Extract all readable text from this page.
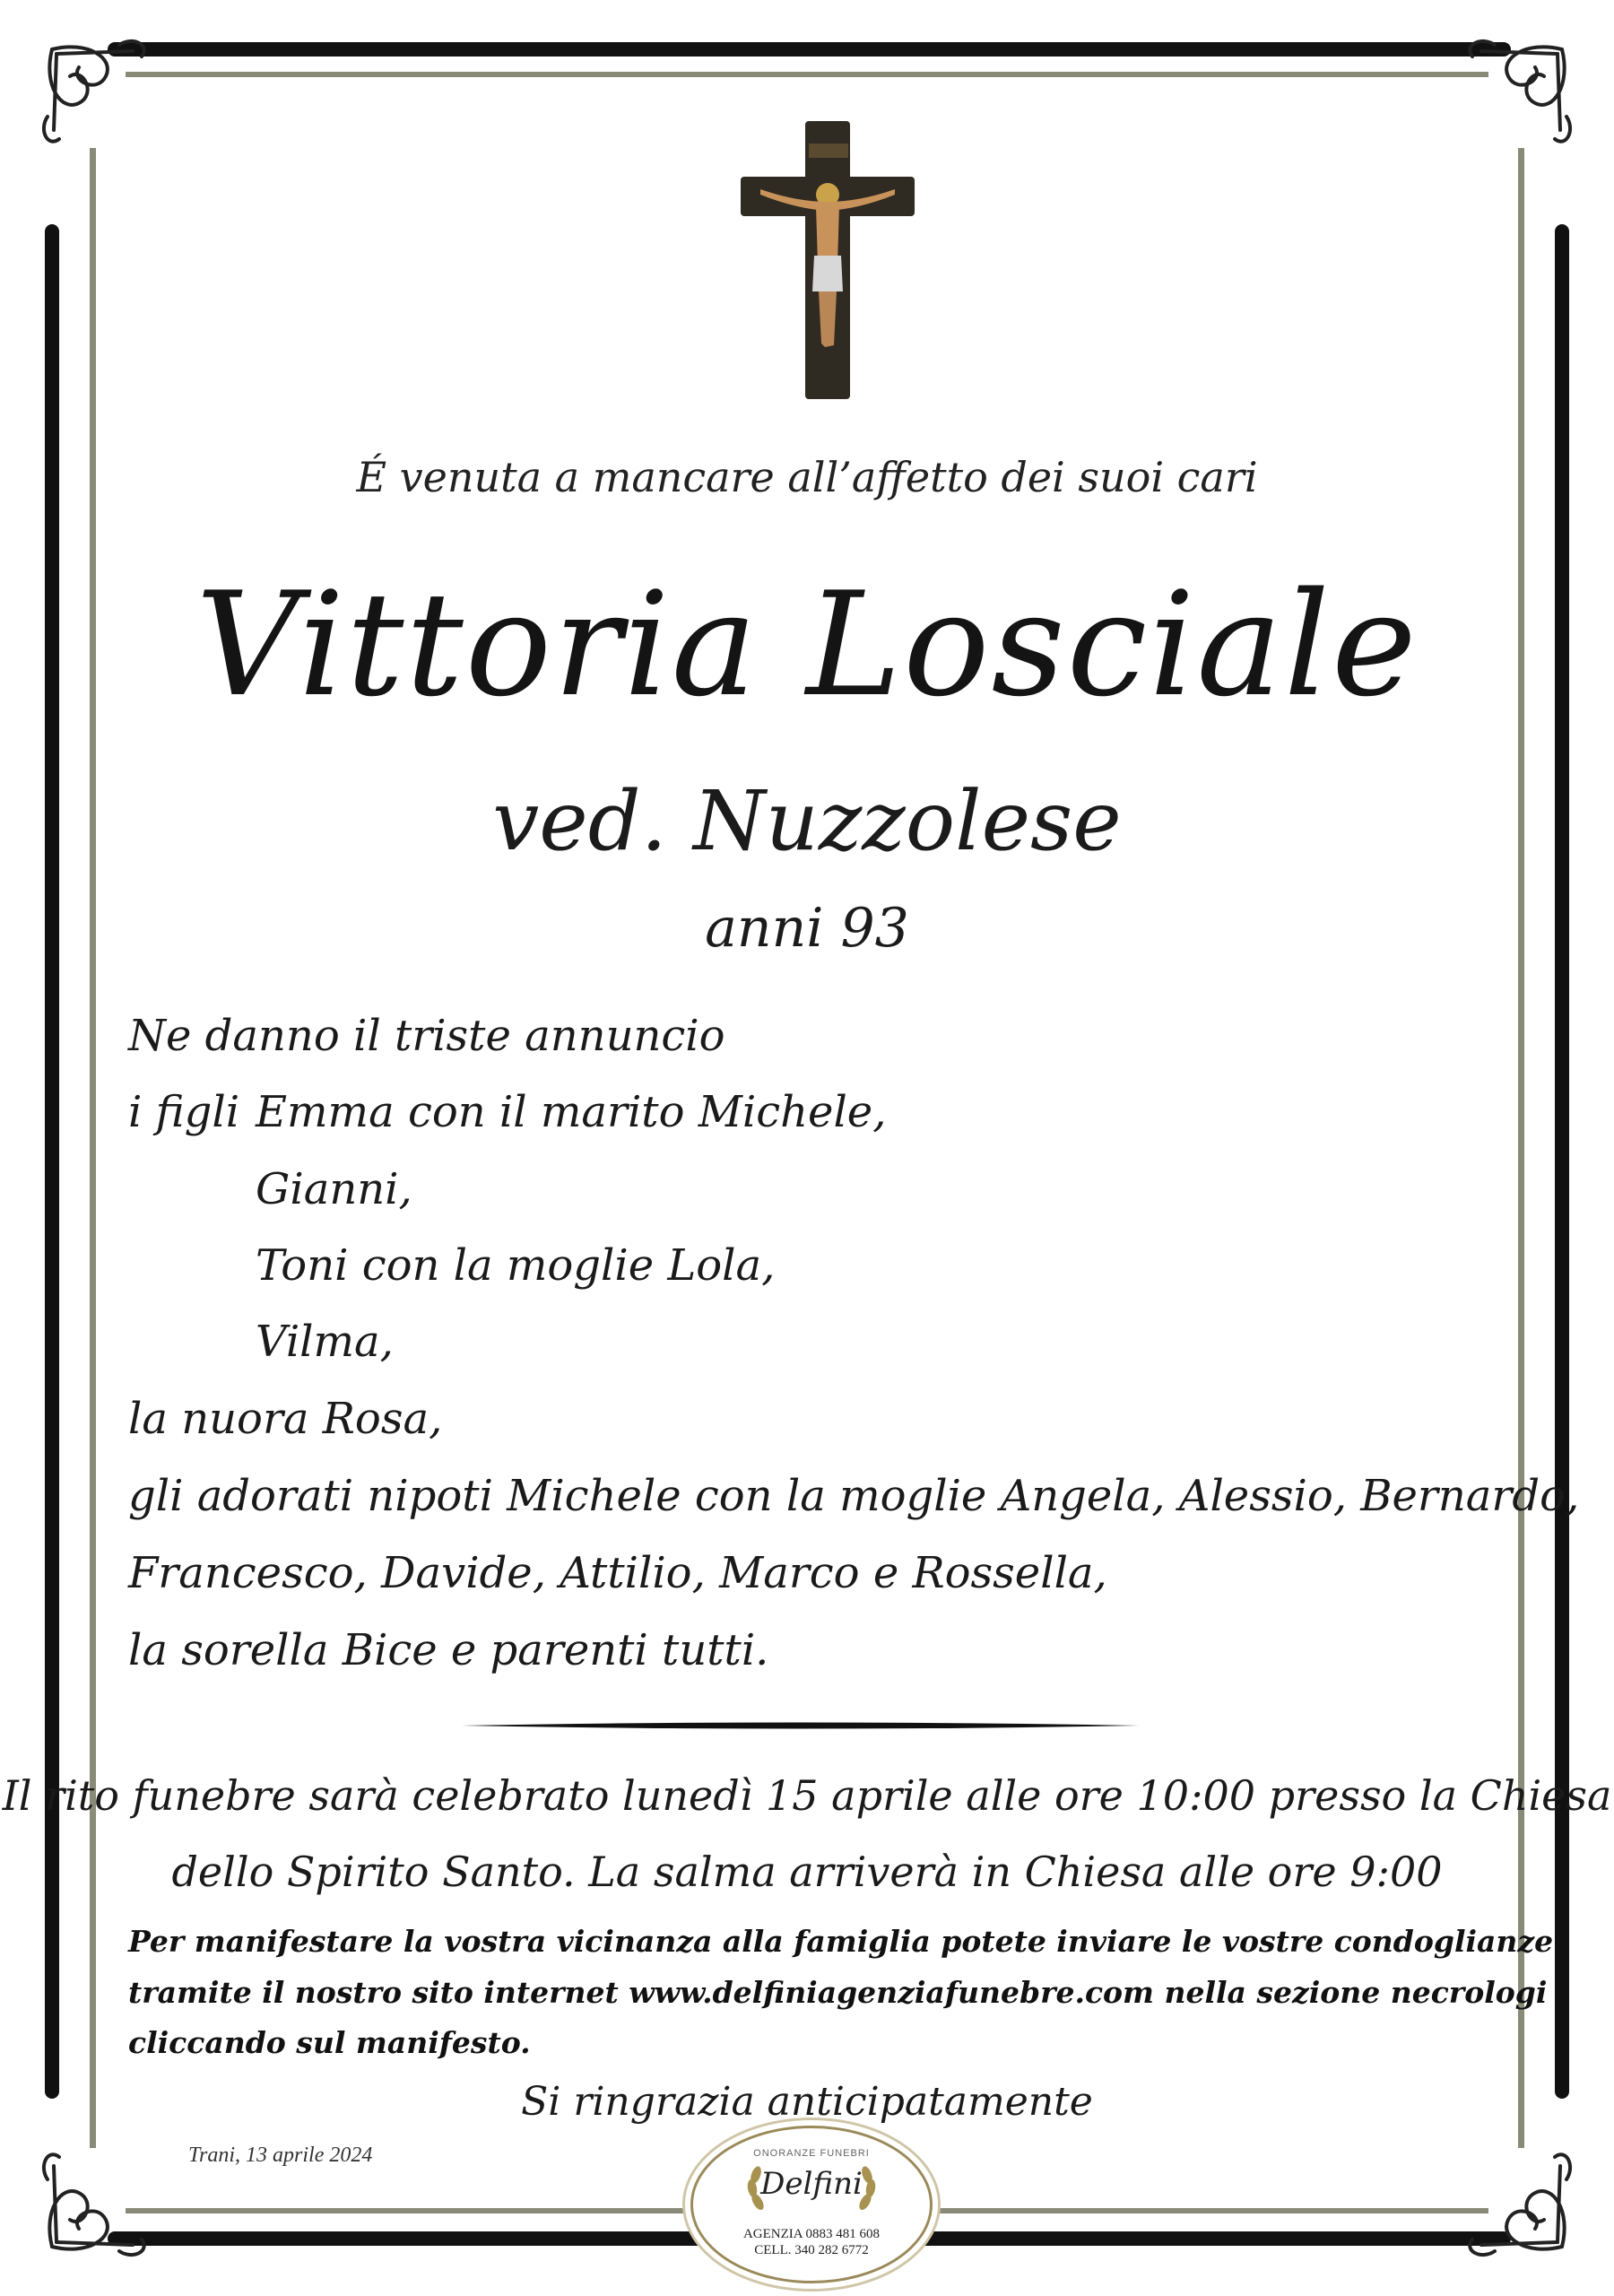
É venuta a mancare all’affetto dei suoi cari
Vittoria Losciale
ved. Nuzzolese
anni 93
Ne danno il triste annuncio
i figli Emma con il marito Michele,
Gianni,
Toni con la moglie Lola,
Vilma,
la nuora Rosa,
gli adorati nipoti Michele con la moglie Angela, Alessio, Bernardo,
Francesco, Davide, Attilio, Marco e Rossella,
la sorella Bice e parenti tutti.
Il rito funebre sarà celebrato lunedì 15 aprile alle ore 10:00 presso la Chiesa
dello Spirito Santo. La salma arriverà in Chiesa alle ore 9:00
Per manifestare la vostra vicinanza alla famiglia potete inviare le vostre condoglianze
tramite il nostro sito internet www.delfiniagenziafunebre.com nella sezione necrologi
cliccando sul manifesto.
Si ringrazia anticipatamente
Trani, 13 aprile 2024	ONORANZE FUNEBRI
Delfini
AGENZIA 0883 481 608
CELL. 340 282 6772
